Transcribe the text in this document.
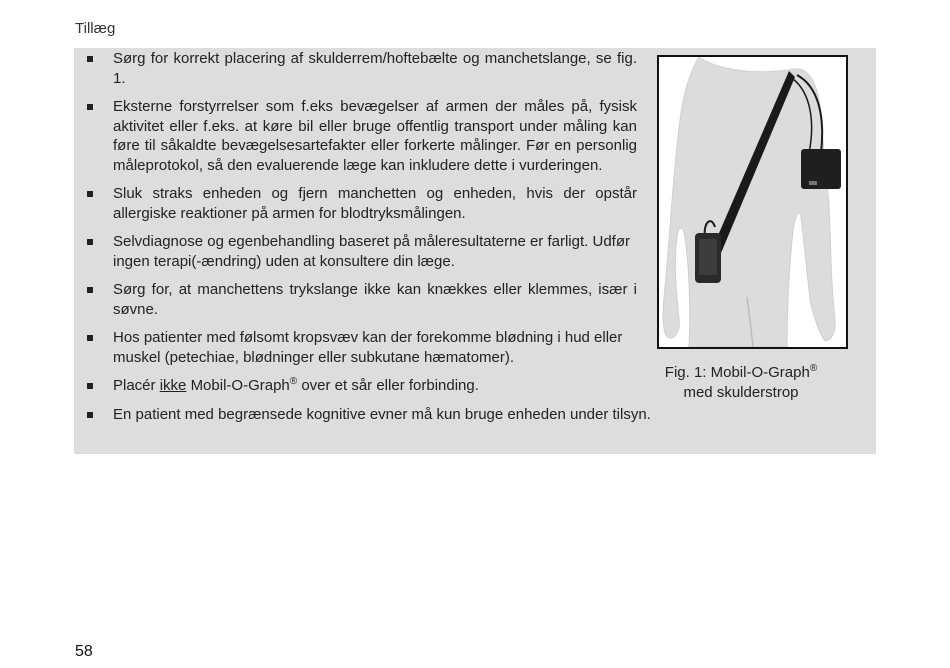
Tillæg
Sørg for korrekt placering af skulderrem/hoftebælte og manchetslange, se fig. 1.
Eksterne forstyrrelser som f.eks bevægelser af armen der måles på, fysisk aktivitet eller f.eks. at køre bil eller bruge offentlig transport under måling kan føre til såkaldte bevægelsesartefakter eller forkerte målinger. Før en personlig måleprotokol, så den evaluerende læge kan inkludere dette i vurderingen.
Sluk straks enheden og fjern manchetten og enheden, hvis der opstår allergiske reaktioner på armen for blodtryksmålingen.
Selvdiagnose og egenbehandling baseret på måleresultaterne er farligt. Udfør ingen terapi(-ændring) uden at konsultere din læge.
Sørg for, at manchettens trykslange ikke kan knækkes eller klemmes, især i søvne.
Hos patienter med følsomt kropsvæv kan der forekomme blødning i hud eller muskel (petechiae, blødninger eller subkutane hæmatomer).
Placér ikke Mobil-O-Graph® over et sår eller forbinding.
En patient med begrænsede kognitive evner må kun bruge enheden under tilsyn.
Fig. 1: Mobil-O-Graph®
med skulderstrop
58
